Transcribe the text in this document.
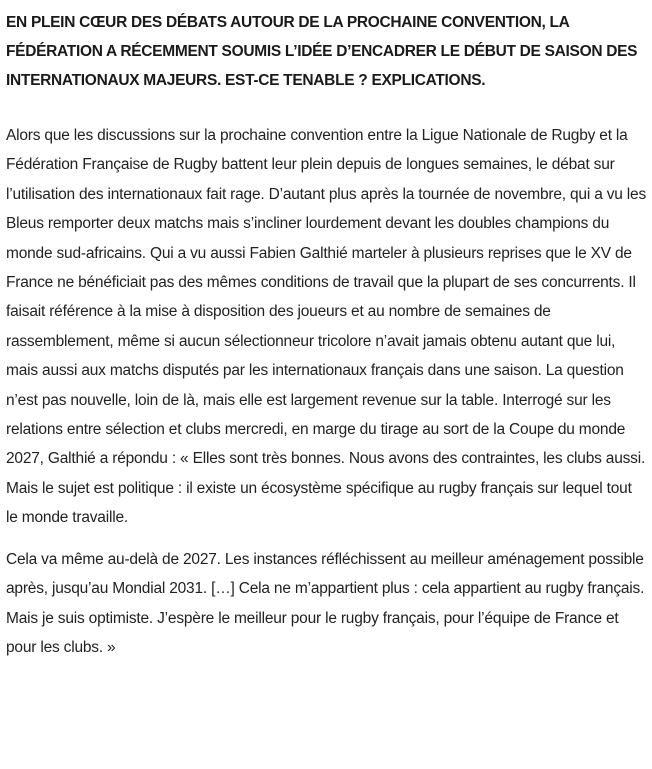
EN PLEIN CŒUR DES DÉBATS AUTOUR DE LA PROCHAINE CONVENTION, LA FÉDÉRATION A RÉCEMMENT SOUMIS L’IDÉE D’ENCADRER LE DÉBUT DE SAISON DES INTERNATIONAUX MAJEURS. EST-CE TENABLE ? EXPLICATIONS.

Alors que les discussions sur la prochaine convention entre la Ligue Nationale de Rugby et la Fédération Française de Rugby battent leur plein depuis de longues semaines, le débat sur l’utilisation des internationaux fait rage. D’autant plus après la tournée de novembre, qui a vu les Bleus remporter deux matchs mais s’incliner lourdement devant les doubles champions du monde sud-africains. Qui a vu aussi Fabien Galthié marteler à plusieurs reprises que le XV de France ne bénéficiait pas des mêmes conditions de travail que la plupart de ses concurrents. Il faisait référence à la mise à disposition des joueurs et au nombre de semaines de rassemblement, même si aucun sélectionneur tricolore n’avait jamais obtenu autant que lui, mais aussi aux matchs disputés par les internationaux français dans une saison. La question n’est pas nouvelle, loin de là, mais elle est largement revenue sur la table. Interrogé sur les relations entre sélection et clubs mercredi, en marge du tirage au sort de la Coupe du monde 2027, Galthié a répondu : « Elles sont très bonnes. Nous avons des contraintes, les clubs aussi. Mais le sujet est politique : il existe un écosystème spécifique au rugby français sur lequel tout le monde travaille.

Cela va même au-delà de 2027. Les instances réfléchissent au meilleur aménagement possible après, jusqu’au Mondial 2031. […] Cela ne m’appartient plus : cela appartient au rugby français. Mais je suis optimiste. J’espère le meilleur pour le rugby français, pour l’équipe de France et pour les clubs. »
